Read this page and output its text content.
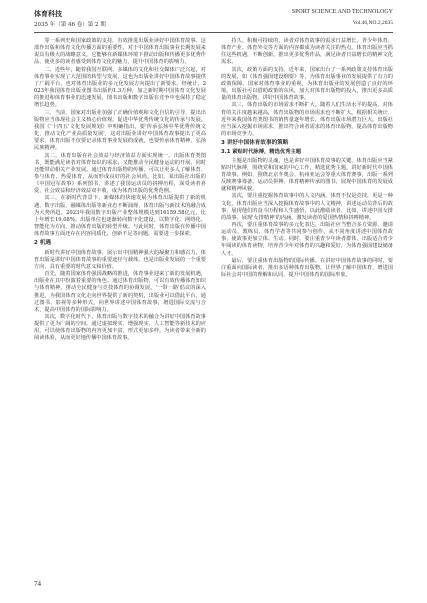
体育科技
2035 年（第 46 卷）第 2 期
SPORT SCIENCE AND TECHNOLOGY
Vol.46,NO.2,2035

等一系列史和国家政策的支持，有效推进出版业读好中国体育故事。这部作出版和体育文化传播方面的重要性，对于中国体育出版事业长期发展来说具有极大的战略意义，它能够在新媒体环境下推动出版和传播更多优秀作品，使更多的读者感受到体育文化的魅力，提升中国体育的影响力。

二、近些年，随着我国互联网、多媒体的文化和社交媒体广泛兴起，对体育事业实现了大范围的转型与发展，这也为出版业讲好中国体育故事提供了广阔平台，也对体育出版业的多元化发展方向提出了新要求。经统计，2023年我国体育出版业图书出版约1.3万种，加之新时期中国体育文化发展的推进和体育事业的迅速发展，图书出版和数字出版在竞争中也保持了稳定增长趋势。

三、当前，国家对出版业加强了正确价值观和文化自信的引导，提出出版物应当体现社会主义核心价值观，促进中华优秀传统文化的传承与发展。我国《'十四五'文化发展规划》中明确指出，要'传承弘扬中华优秀传统文化，推动文化产业高质量发展'，这对出版业讲好中国体育故事提出了更高要求，体育出版不仅要记录体育事业发展的成就，也要传承体育精神、弘扬民族精神。

其二，体育出版在社会效益与经济效益方面实现统一。出版体育类图书，既能满足读者对体育知识的需求，又能推动全民健身运动的开展，同时还能带动相关产业发展。通过体育出版物的传播，可以让更多人了解体育、参与体育、热爱体育，从而形成良好的社会风尚。比如，某出版社出版的《中国冠军故事》系列图书，讲述了我国运动员的拼搏历程，深受读者喜爱，社会效益和经济效益双丰收，成为体育出版的优秀范例。

其三，在新时代背景下，新媒体的快速发展为体育出版提供了新的机遇，数字出版、融媒体出版等新业态不断涌现，体育出版与新技术的融合成为大势所趋。2023年我国数字出版产业整体规模达到16159.58亿元，比上年增长19.08%。出版单位也逐渐转向数字化建设，以数字化、网络化、智能化为方向，推动体育出版的转型升级。与此同时，体育出版在传播中国体育故事方面还存在内容同质化、创新不足等问题，需要进一步探索。

2 机遇

新时代讲好中国体育故事，展示出中国精神强大的凝聚力和感召力，体育出版是讲好中国体育故事的重要途径与载体，也是出版业发展的一个重要方向，具有重要的时代意义和价值。

首先，随着国家体育强国战略的推进，体育事业迎来了新的发展机遇，出版业在其中扮演着重要的角色。通过体育出版物，可以有效传播体育知识与体育精神，推动全民健身与竞技体育的协调发展。'一带一路'倡议的深入推进，为我国体育文化走向世界提供了新的契机，出版业可以借此平台，通过图书、影视等多种形式，向世界讲述中国体育故事，增进国际交流与合术，提高中国体育的国际影响力。

其次，数字化时代下，体育出版与数字技术的融合为讲好中国体育故事提供了更为广阔的空间。通过虚拟现实、增强现实、人工智能等新技术的应用，可以使体育出版物的内容更加丰富，形式更加多样，为读者带来全新的阅读体验，从而更好地传播中国体育故事。

持久、积极可持续的，读者对体育故事的需求日益增长，青少年体育、体育产业、体育外交等方面的内容都成为读者关注的热点。体育出版应当抓住这些机遇，不断创新，推出更多优秀作品，满足读者日益增长的精神文化需求。

其次，政策方面的支持。近年来，国家出台了一系列政策支持体育出版的发展，如《体育强国建设纲要》等，为体育出版事业的发展提供了有力的政策保障。国家对体育事业的重视，为体育出版业的发展创造了良好的环境。出版社可以借助政策的东风，加大对体育出版物的投入，推出更多高质量的体育出版物，讲好中国体育故事。

其三，体育出版的市场需求不断扩大。随着人们生活水平的提高，对体育的关注度越来越高，体育出版物的市场需求也不断扩大。根据相关统计，近年来我国体育类图书的销售量逐年增长，体育出版市场潜力巨大。出版社应当深入挖掘市场需求，推出符合读者需求的体育出版物，提高体育出版物的市场竞争力。

3 讲好中国体育故事的策略
3.1 紧贴时代脉搏，精选优秀主题

主题是出版物的灵魂，也是讲好中国体育故事的关键。体育出版应当紧贴时代脉搏，围绕党和国家的中心工作，精选优秀主题，讲好新时代中国体育故事。例如，围绕北京冬奥会、杭州亚运会等重大体育赛事，出版一系列反映赛事筹备、运动员拼搏、体育精神传承的图书，展现中国体育的发展成就和精神风貌。

其次，要注重挖掘体育故事中的人文内涵。体育不仅是竞技，更是一种文化，体育出版应当深入挖掘体育故事中的人文精神，讲述运动员背后的故事，展现他们的奋斗历程和人生感悟，以此激励读者。比如，讲述中国女排的故事，展现'女排精神'的内涵，激发读者的爱国热情和拼搏精神。

再次，要注重体育故事的多元化表达。出版社应当整合多方资源，邀请运动员、教练员、体育学者等共同参与创作，从不同角度讲述中国体育故事，使故事更加立体、生动。同时，要注重青少年读者群体，出版适合青少年阅读的体育读物，培养青少年对体育的兴趣和爱好，为体育强国建设储备人才。

最后，要注重体育出版物的国际传播。在讲好中国体育故事的同时，要注重面向国际读者，推出多语种体育出版物，让世界了解中国体育，增进国际社会对中国的理解和认同，提升中国体育的国际形象。

74
